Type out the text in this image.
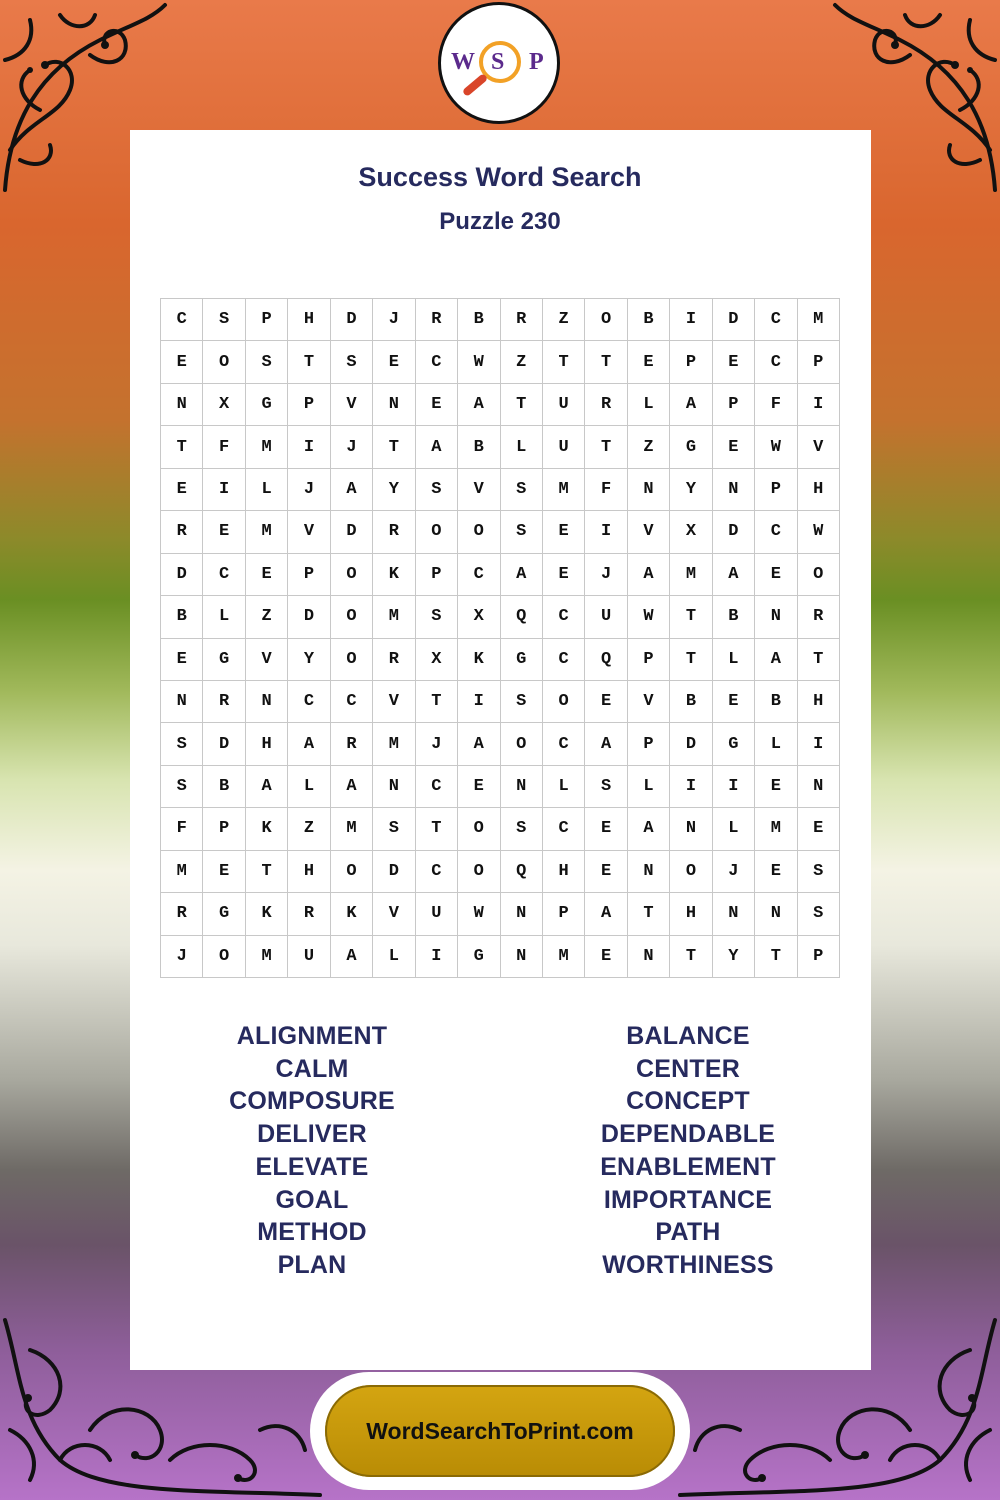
W S P
Success Word Search
Puzzle 230
C	S	P	H	D	J	R	B	R	Z	O	B	I	D	C	M
E	O	S	T	S	E	C	W	Z	T	T	E	P	E	C	P
N	X	G	P	V	N	E	A	T	U	R	L	A	P	F	I
T	F	M	I	J	T	A	B	L	U	T	Z	G	E	W	V
E	I	L	J	A	Y	S	V	S	M	F	N	Y	N	P	H
R	E	M	V	D	R	O	O	S	E	I	V	X	D	C	W
D	C	E	P	O	K	P	C	A	E	J	A	M	A	E	O
B	L	Z	D	O	M	S	X	Q	C	U	W	T	B	N	R
E	G	V	Y	O	R	X	K	G	C	Q	P	T	L	A	T
N	R	N	C	C	V	T	I	S	O	E	V	B	E	B	H
S	D	H	A	R	M	J	A	O	C	A	P	D	G	L	I
S	B	A	L	A	N	C	E	N	L	S	L	I	I	E	N
F	P	K	Z	M	S	T	O	S	C	E	A	N	L	M	E
M	E	T	H	O	D	C	O	Q	H	E	N	O	J	E	S
R	G	K	R	K	V	U	W	N	P	A	T	H	N	N	S
J	O	M	U	A	L	I	G	N	M	E	N	T	Y	T	P
ALIGNMENT
CALM
COMPOSURE
DELIVER
ELEVATE
GOAL
METHOD
PLAN
BALANCE
CENTER
CONCEPT
DEPENDABLE
ENABLEMENT
IMPORTANCE
PATH
WORTHINESS
WordSearchToPrint.com
